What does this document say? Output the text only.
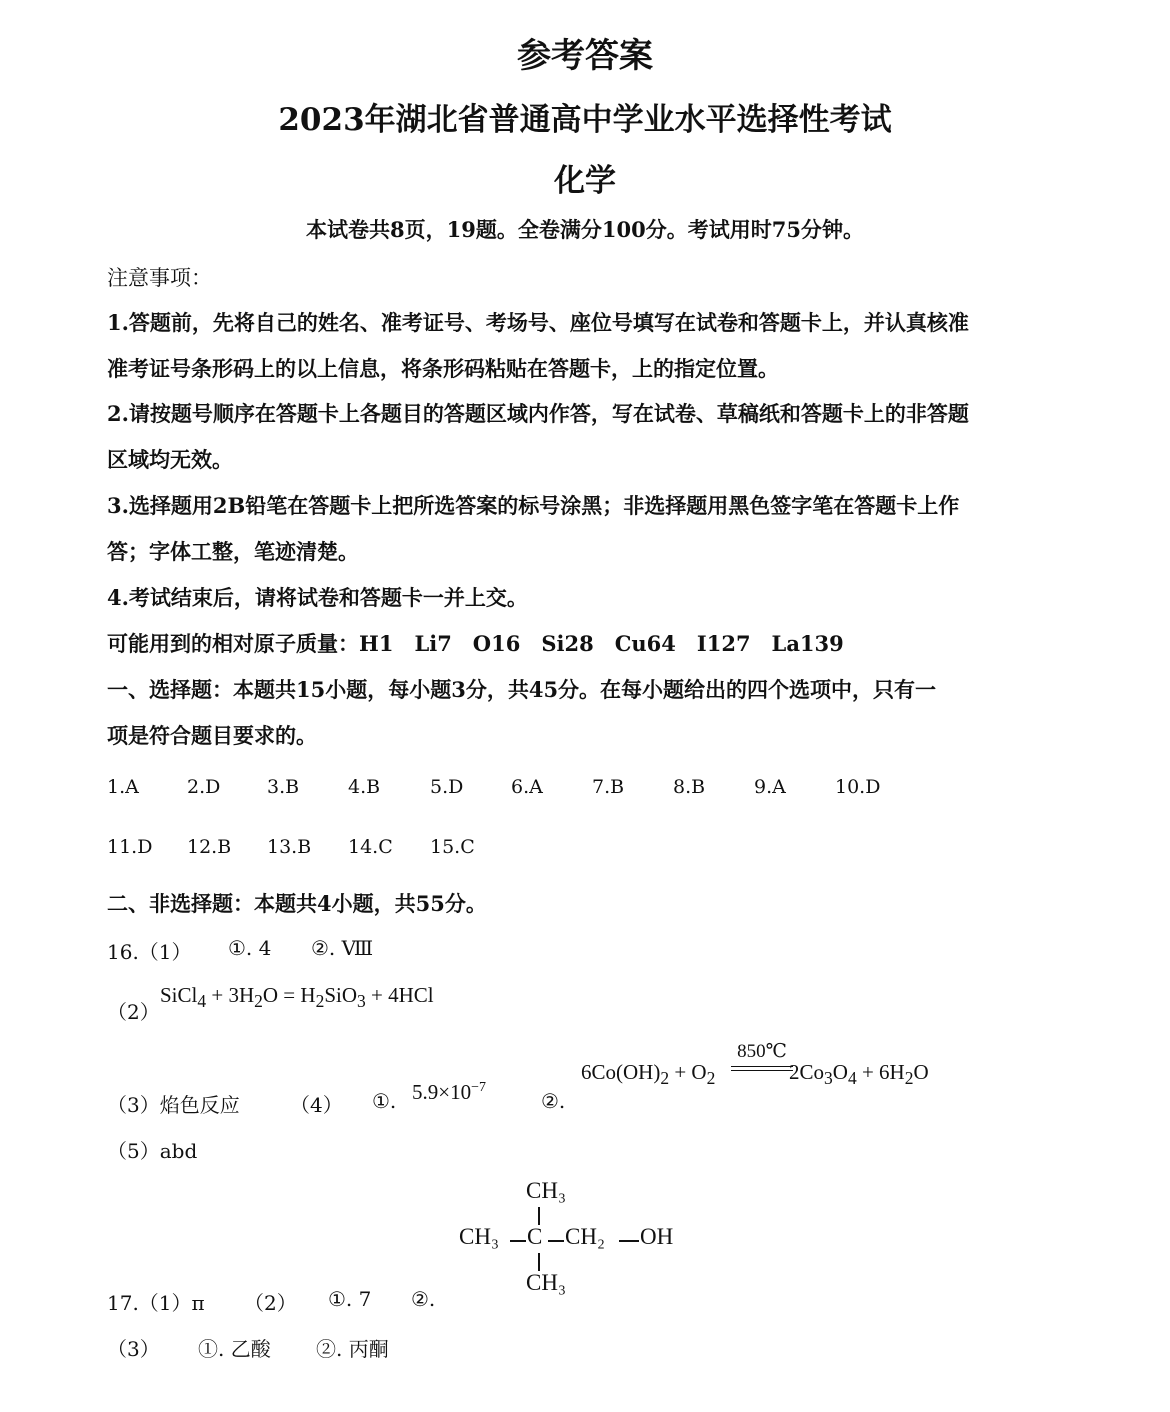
参考答案
2023年湖北省普通高中学业水平选择性考试
化学
本试卷共8页，19题。全卷满分100分。考试用时75分钟。
注意事项：
1.答题前，先将自己的姓名、准考证号、考场号、座位号填写在试卷和答题卡上，并认真核准
准考证号条形码上的以上信息，将条形码粘贴在答题卡，上的指定位置。
2.请按题号顺序在答题卡上各题目的答题区域内作答，写在试卷、草稿纸和答题卡上的非答题
区域均无效。
3.选择题用2B铅笔在答题卡上把所选答案的标号涂黑；非选择题用黑色签字笔在答题卡上作
答；字体工整，笔迹清楚。
4.考试结束后，请将试卷和答题卡一并上交。
可能用到的相对原子质量：H1　Li7　O16　Si28　Cu64　I127　La139
一、选择题：本题共15小题，每小题3分，共45分。在每小题给出的四个选项中，只有一
项是符合题目要求的。
1.A	2.D 3.B	4.B	5.D	6.A	7.B	8.B	9.A	10.D
11.D 12.B 13.B 14.C 15.C
二、非选择题：本题共4小题，共55分。
16.（1） ①. 4 ②. Ⅷ
（2）
SiCl$_4$ + $3H_2O = H_2SiO_3 + 4HCl$
（3）焰色反应	（4） ①. $5.9\times 10^{-7}$
②.
$6Co(OH)_2 + O_2$
850℃
$2Co_3O_4 + 6H_2O$
（5）abd
CH₃
CH₃ C CH₂ OH
CH₃
17.（1）π （2） ①. 7 ②.
（3） ①. 乙酸 ②. 丙酮
